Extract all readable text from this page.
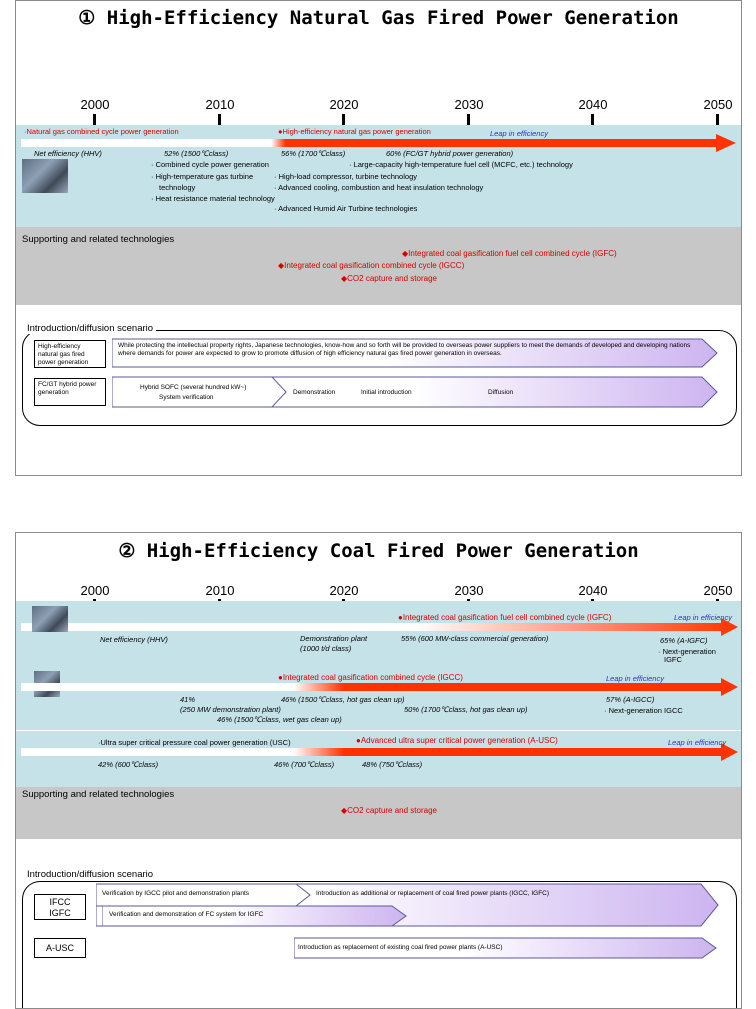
① High-Efficiency Natural Gas Fired Power Generation
2000	2010	2020	2030	2040	2050
·Natural gas combined cycle power generation	●High-efficiency natural gas power generation	Leap in efficiency
Net efficiency (HHV)	52% (1500℃class)	56% (1700℃class)	60% (FC/GT hybrid power generation)
· Combined cycle power generation
· High-temperature gas turbine
technology
· Heat resistance material technology
· Large-capacity high-temperature fuel cell (MCFC, etc.) technology
· High-load compressor, turbine technology
· Advanced cooling, combustion and heat insulation technology
· Advanced Humid Air Turbine technologies
Supporting and related technologies
◆Integrated coal gasification fuel cell combined cycle (IGFC)
◆Integrated coal gasification combined cycle (IGCC)
◆CO2 capture and storage
Introduction/diffusion scenario
High-efficiency natural gas fired power generation
While protecting the intellectual property rights, Japanese technologies, know-how and so forth will be provided to overseas power suppliers to meet the demands of developed and developing nations where demands for power are expected to grow to promote diffusion of high efficiency natural gas fired power generation in overseas.
FC/GT hybrid power generation
Hybrid SOFC (several hundred kW~)
System verification
Demonstration	Initial introduction	Diffusion
② High-Efficiency Coal Fired Power Generation
2000	2010	2020	2030	2040	2050
●Integrated coal gasification fuel cell combined cycle (IGFC)	Leap in efficiency
Net efficiency (HHV)	Demonstration plant
(1000 t/d class)
55% (600 MW-class commercial generation)	65% (A-IGFC)
· Next-generation
IGFC
●Integrated coal gasification combined cycle (IGCC)	Leap in efficiency
41%
(250 MW demonstration plant)
46% (1500℃class, hot gas clean up)
46% (1500℃class, wet gas clean up)
50% (1700℃class, hot gas clean up)
57% (A-IGCC)
· Next-generation IGCC
·Ultra super critical pressure coal power generation (USC)	●Advanced ultra super critical power generation (A-USC)	Leap in efficiency
42% (600℃class)	46% (700℃class)	48% (750℃class)
Supporting and related technologies
◆CO2 capture and storage
Introduction/diffusion scenario
IFCC IGFC
Verification by IGCC pilot and demonstration plants	Introduction as additional or replacement of coal fired power plants (IGCC, IGFC)
Verification and demonstration of FC system for IGFC
A-USC	Introduction as replacement of existing coal fired power plants (A-USC)
